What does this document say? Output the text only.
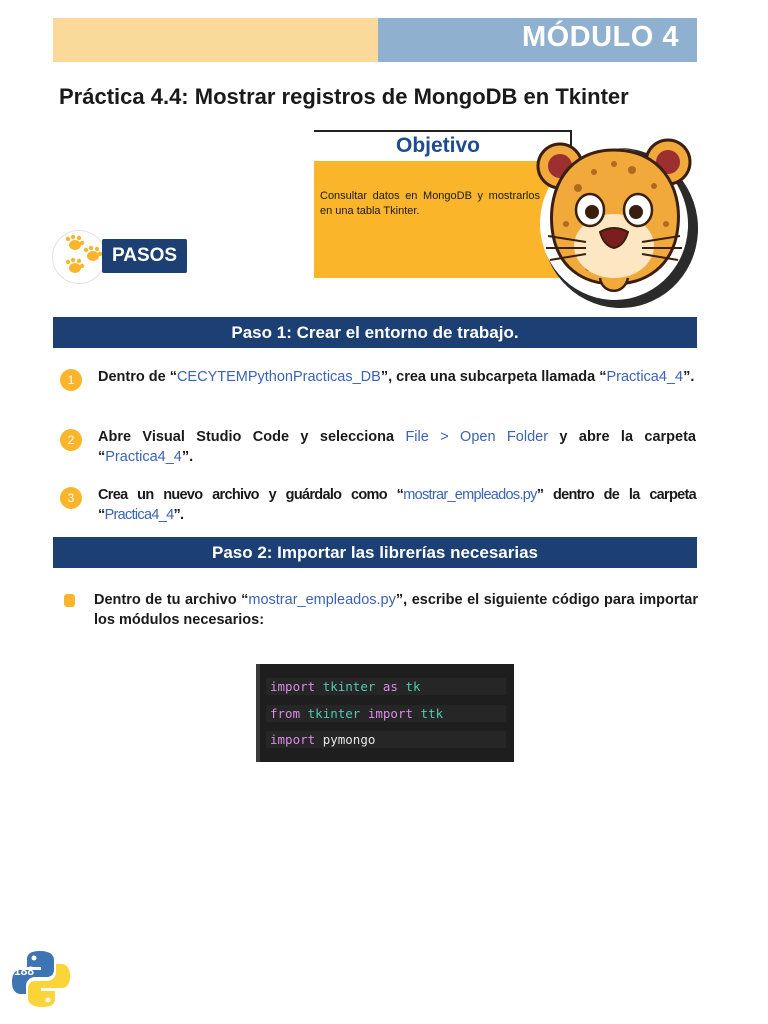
MÓDULO 4
Práctica 4.4: Mostrar registros de MongoDB en Tkinter
Objetivo
Consultar datos en MongoDB y mostrarlos en una tabla Tkinter.
PASOS
Paso 1: Crear el entorno de trabajo.
1	Dentro de “CECYTEMPythonPracticas_DB”, crea una subcarpeta llamada “Practica4_4”.
2	Abre Visual Studio Code y selecciona File > Open Folder y abre la carpeta “Practica4_4”.
3	Crea un nuevo archivo y guárdalo como “mostrar_empleados.py” dentro de la carpeta “Practica4_4”.
Paso 2: Importar las librerías necesarias
Dentro de tu archivo “mostrar_empleados.py”, escribe el siguiente código para importar los módulos necesarios:
import tkinter as tk
from tkinter import ttk
import pymongo
188
